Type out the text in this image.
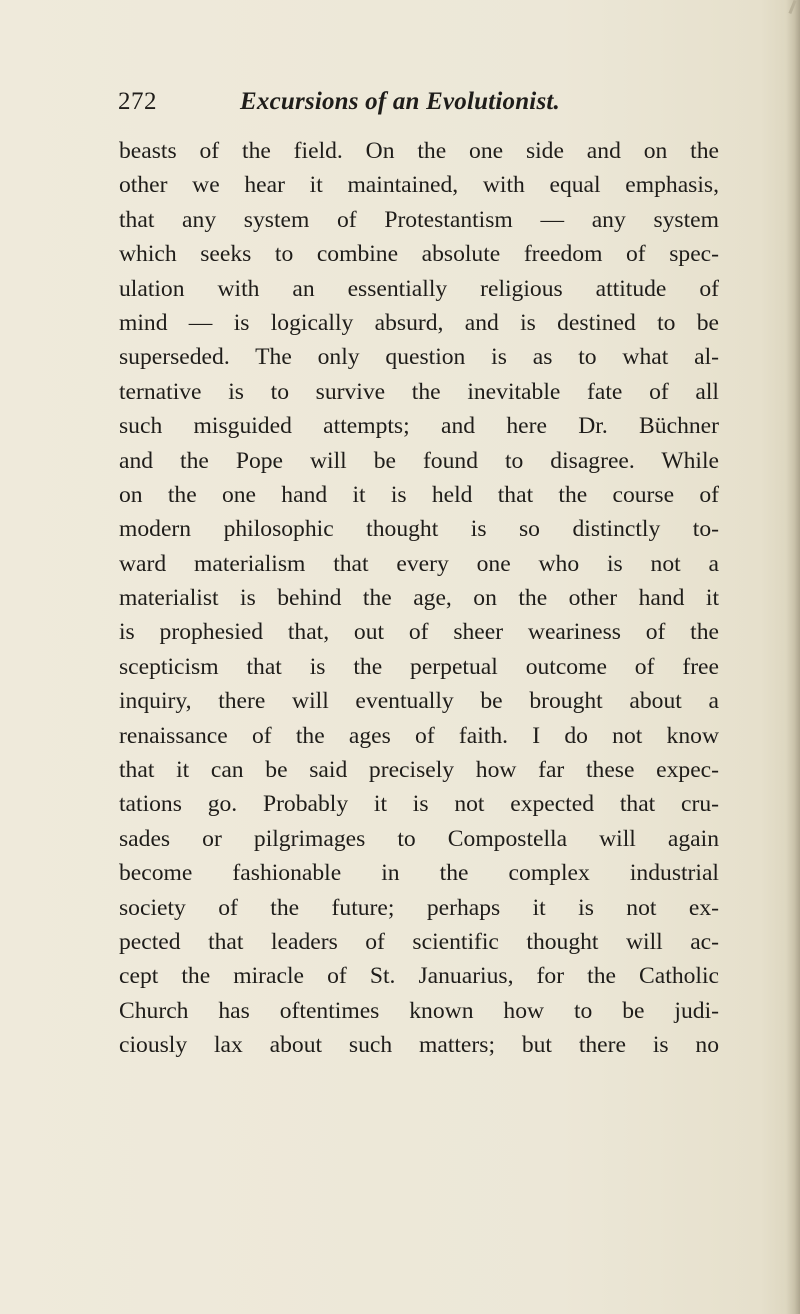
272	Excursions of an Evolutionist.
beasts of the field. On the one side and on the
other we hear it maintained, with equal emphasis,
that any system of Protestantism — any system
which seeks to combine absolute freedom of spec-
ulation with an essentially religious attitude of
mind — is logically absurd, and is destined to be
superseded. The only question is as to what al-
ternative is to survive the inevitable fate of all
such misguided attempts; and here Dr. Büchner
and the Pope will be found to disagree. While
on the one hand it is held that the course of
modern philosophic thought is so distinctly to-
ward materialism that every one who is not a
materialist is behind the age, on the other hand it
is prophesied that, out of sheer weariness of the
scepticism that is the perpetual outcome of free
inquiry, there will eventually be brought about a
renaissance of the ages of faith. I do not know
that it can be said precisely how far these expec-
tations go. Probably it is not expected that cru-
sades or pilgrimages to Compostella will again
become fashionable in the complex industrial
society of the future; perhaps it is not ex-
pected that leaders of scientific thought will ac-
cept the miracle of St. Januarius, for the Catholic
Church has oftentimes known how to be judi-
ciously lax about such matters; but there is no
